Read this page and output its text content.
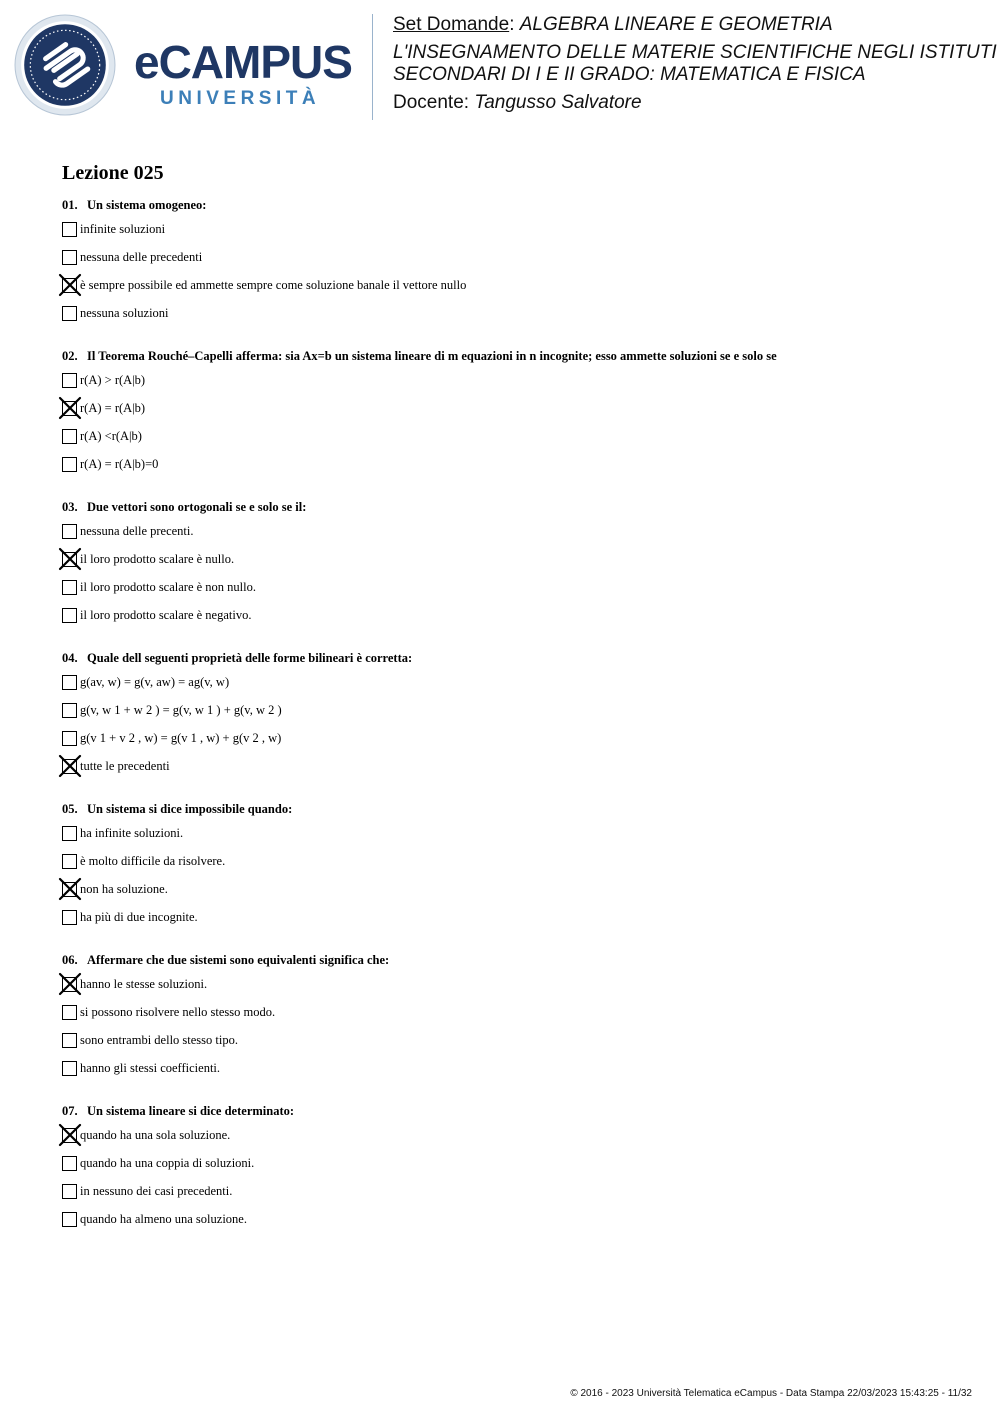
eCAMPUS
UNIVERSITÀ
Set Domande: ALGEBRA LINEARE E GEOMETRIA
L'INSEGNAMENTO DELLE MATERIE SCIENTIFICHE NEGLI ISTITUTI
SECONDARI DI I E II GRADO: MATEMATICA E FISICA
Docente: Tangusso Salvatore
Lezione 025
01. Un sistema omogeneo:
infinite soluzioni
nessuna delle precedenti
è sempre possibile ed ammette sempre come soluzione banale il vettore nullo
nessuna soluzioni
02. Il Teorema Rouché–Capelli afferma: sia Ax=b un sistema lineare di m equazioni in n incognite; esso ammette soluzioni se e solo se
r(A) > r(A|b)
r(A) = r(A|b)
r(A) <r(A|b)
r(A) = r(A|b)=0
03. Due vettori sono ortogonali se e solo se il:
nessuna delle precenti.
il loro prodotto scalare è nullo.
il loro prodotto scalare è non nullo.
il loro prodotto scalare è negativo.
04. Quale dell seguenti proprietà delle forme bilineari è corretta:
g(av, w) = g(v, aw) = ag(v, w)
g(v, w 1 + w 2 ) = g(v, w 1 ) + g(v, w 2 )
g(v 1 + v 2 , w) = g(v 1 , w) + g(v 2 , w)
tutte le precedenti
05. Un sistema si dice impossibile quando:
ha infinite soluzioni.
è molto difficile da risolvere.
non ha soluzione.
ha più di due incognite.
06. Affermare che due sistemi sono equivalenti significa che:
hanno le stesse soluzioni.
si possono risolvere nello stesso modo.
sono entrambi dello stesso tipo.
hanno gli stessi coefficienti.
07. Un sistema lineare si dice determinato:
quando ha una sola soluzione.
quando ha una coppia di soluzioni.
in nessuno dei casi precedenti.
quando ha almeno una soluzione.
© 2016 - 2023 Università Telematica eCampus - Data Stampa 22/03/2023 15:43:25 - 11/32
